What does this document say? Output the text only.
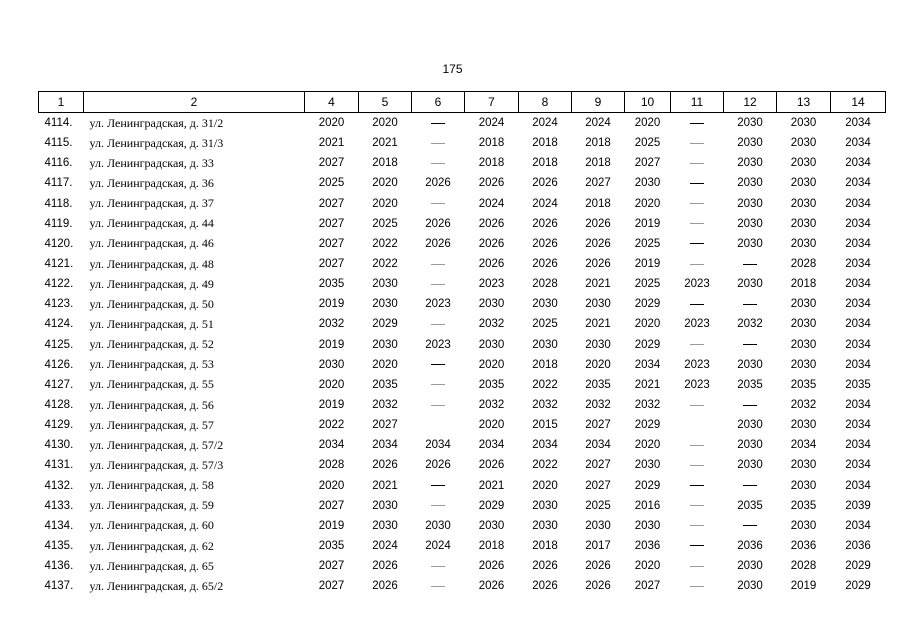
175
1	2	4	5	6	7	8	9	10	11	12	13	14
4114.	ул. Ленинградская, д. 31/2	2020	2020		2024	2024	2024	2020		2030	2030	2034
4115.	ул. Ленинградская, д. 31/3	2021	2021		2018	2018	2018	2025		2030	2030	2034
4116.	ул. Ленинградская, д. 33	2027	2018		2018	2018	2018	2027		2030	2030	2034
4117.	ул. Ленинградская, д. 36	2025	2020	2026	2026	2026	2027	2030		2030	2030	2034
4118.	ул. Ленинградская, д. 37	2027	2020		2024	2024	2018	2020		2030	2030	2034
4119.	ул. Ленинградская, д. 44	2027	2025	2026	2026	2026	2026	2019		2030	2030	2034
4120.	ул. Ленинградская, д. 46	2027	2022	2026	2026	2026	2026	2025		2030	2030	2034
4121.	ул. Ленинградская, д. 48	2027	2022		2026	2026	2026	2019			2028	2034
4122.	ул. Ленинградская, д. 49	2035	2030		2023	2028	2021	2025	2023	2030	2018	2034
4123.	ул. Ленинградская, д. 50	2019	2030	2023	2030	2030	2030	2029			2030	2034
4124.	ул. Ленинградская, д. 51	2032	2029		2032	2025	2021	2020	2023	2032	2030	2034
4125.	ул. Ленинградская, д. 52	2019	2030	2023	2030	2030	2030	2029			2030	2034
4126.	ул. Ленинградская, д. 53	2030	2020		2020	2018	2020	2034	2023	2030	2030	2034
4127.	ул. Ленинградская, д. 55	2020	2035		2035	2022	2035	2021	2023	2035	2035	2035
4128.	ул. Ленинградская, д. 56	2019	2032		2032	2032	2032	2032			2032	2034
4129.	ул. Ленинградская, д. 57	2022	2027		2020	2015	2027	2029		2030	2030	2034
4130.	ул. Ленинградская, д. 57/2	2034	2034	2034	2034	2034	2034	2020		2030	2034	2034
4131.	ул. Ленинградская, д. 57/3	2028	2026	2026	2026	2022	2027	2030		2030	2030	2034
4132.	ул. Ленинградская, д. 58	2020	2021		2021	2020	2027	2029			2030	2034
4133.	ул. Ленинградская, д. 59	2027	2030		2029	2030	2025	2016		2035	2035	2039
4134.	ул. Ленинградская, д. 60	2019	2030	2030	2030	2030	2030	2030			2030	2034
4135.	ул. Ленинградская, д. 62	2035	2024	2024	2018	2018	2017	2036		2036	2036	2036
4136.	ул. Ленинградская, д. 65	2027	2026		2026	2026	2026	2020		2030	2028	2029
4137.	ул. Ленинградская, д. 65/2	2027	2026		2026	2026	2026	2027		2030	2019	2029
